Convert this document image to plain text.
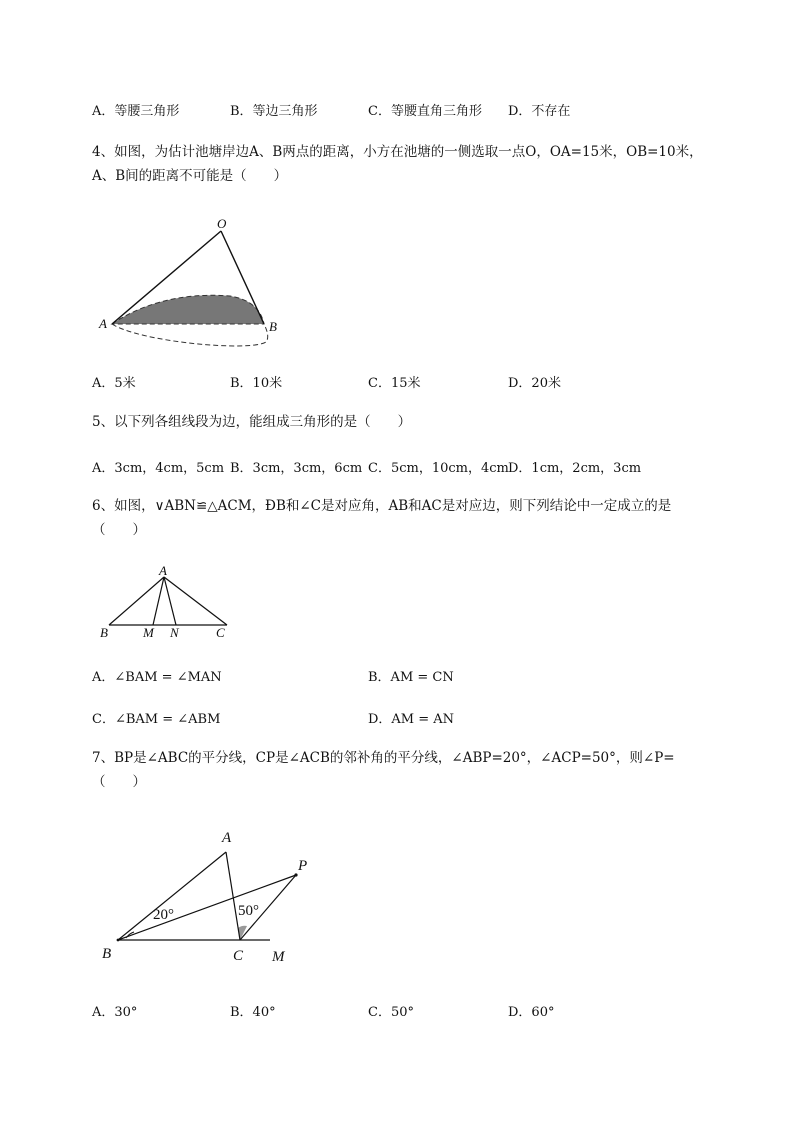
A．等腰三角形	B．等边三角形	C．等腰直角三角形 D．不存在
4、如图，为估计池塘岸边A、B两点的距离，小方在池塘的一侧选取一点O，OA=15米，OB=10米，
A、B间的距离不可能是（　　）
O
A	B
A．5米	B．10米	C．15米	D．20米
5、以下列各组线段为边，能组成三角形的是（　　）
A．3cm，4cm，5cm B．3cm，3cm，6cm C．5cm，10cm，4cm D．1cm，2cm，3cm
6、如图，∨ABN≌△ACM，ÐB和∠C是对应角，AB和AC是对应边，则下列结论中一定成立的是
（　　）
A
B	M N	C
A．∠BAM = ∠MAN	B．AM = CN
C．∠BAM = ∠ABM	D．AM = AN
7、BP是∠ABC的平分线，CP是∠ACB的邻补角的平分线，∠ABP=20°，∠ACP=50°，则∠P=
（　　）
A
P
B	C M
20°	50°
A．30°	B．40°	C．50°	D．60°
